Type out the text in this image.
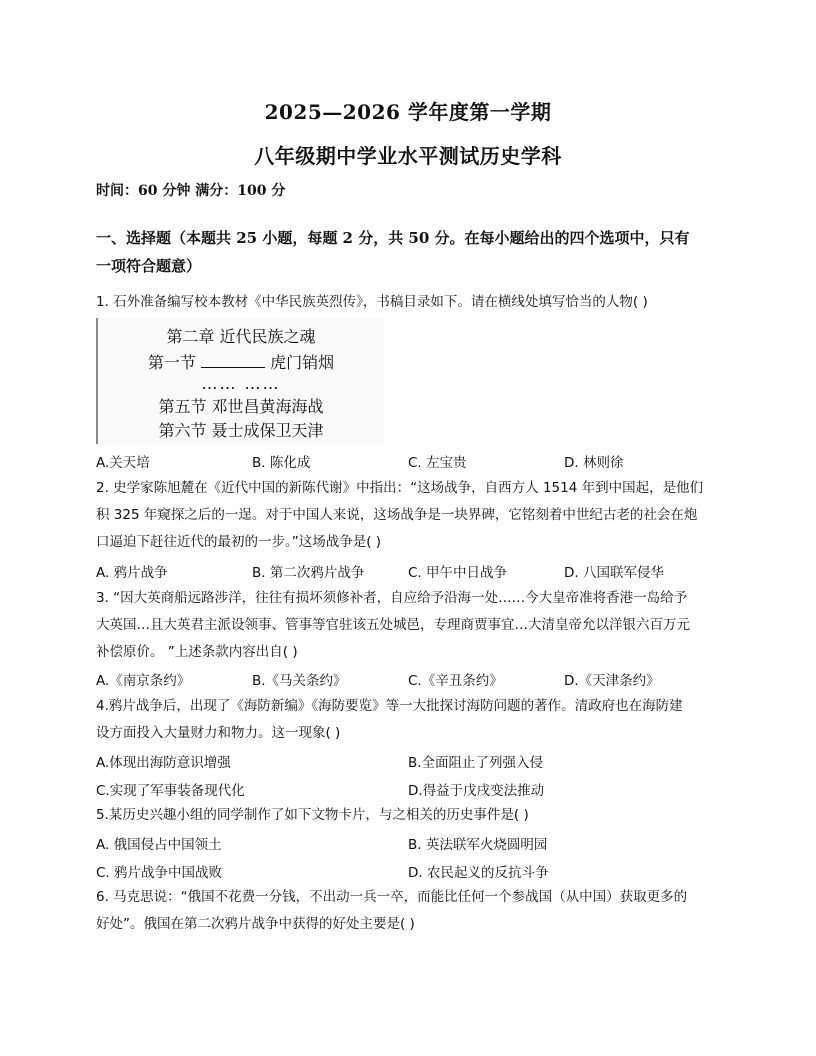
2025—2026 学年度第一学期
八年级期中学业水平测试历史学科
时间：60 分钟 满分：100 分
一、选择题（本题共 25 小题，每题 2 分，共 50 分。在每小题给出的四个选项中，只有
一项符合题意）
1. 石外准备编写校本教材《中华民族英烈传》，书稿目录如下。请在横线处填写恰当的人物( )
第二章 近代民族之魂
第一节	虎门销烟
…… ……
第五节 邓世昌黄海海战
第六节 聂士成保卫天津
A.关天培	B. 陈化成	C. 左宝贵	D. 林则徐
2. 史学家陈旭麓在《近代中国的新陈代谢》中指出：“这场战争，自西方人 1514 年到中国起，是他们
积 325 年窥探之后的一逞。对于中国人来说，这场战争是一块界碑，它铭刻着中世纪古老的社会在炮
口逼迫下赶往近代的最初的一步。”这场战争是( )
A. 鸦片战争	B. 第二次鸦片战争	C. 甲午中日战争	D. 八国联军侵华
3. “因大英商船远路涉洋，往往有损坏须修补者，自应给予沿海一处……今大皇帝准将香港一岛给予
大英国…且大英君主派设领事、管事等官驻该五处城邑，专理商贾事宜…大清皇帝允以洋银六百万元
补偿原价。 ”上述条款内容出自( )
A.《南京条约》	B.《马关条约》	C.《辛丑条约》	D.《天津条约》
4.鸦片战争后，出现了《海防新编》《海防要览》等一大批探讨海防问题的著作。清政府也在海防建
设方面投入大量财力和物力。这一现象( )
A.体现出海防意识增强	B.全面阻止了列强入侵
C.实现了军事装备现代化	D.得益于戊戌变法推动
5.某历史兴趣小组的同学制作了如下文物卡片，与之相关的历史事件是( )
A. 俄国侵占中国领土	B. 英法联军火烧圆明园
C. 鸦片战争中国战败	D. 农民起义的反抗斗争
6. 马克思说：“俄国不花费一分钱，不出动一兵一卒，而能比任何一个参战国（从中国）获取更多的
好处”。俄国在第二次鸦片战争中获得的好处主要是( )
